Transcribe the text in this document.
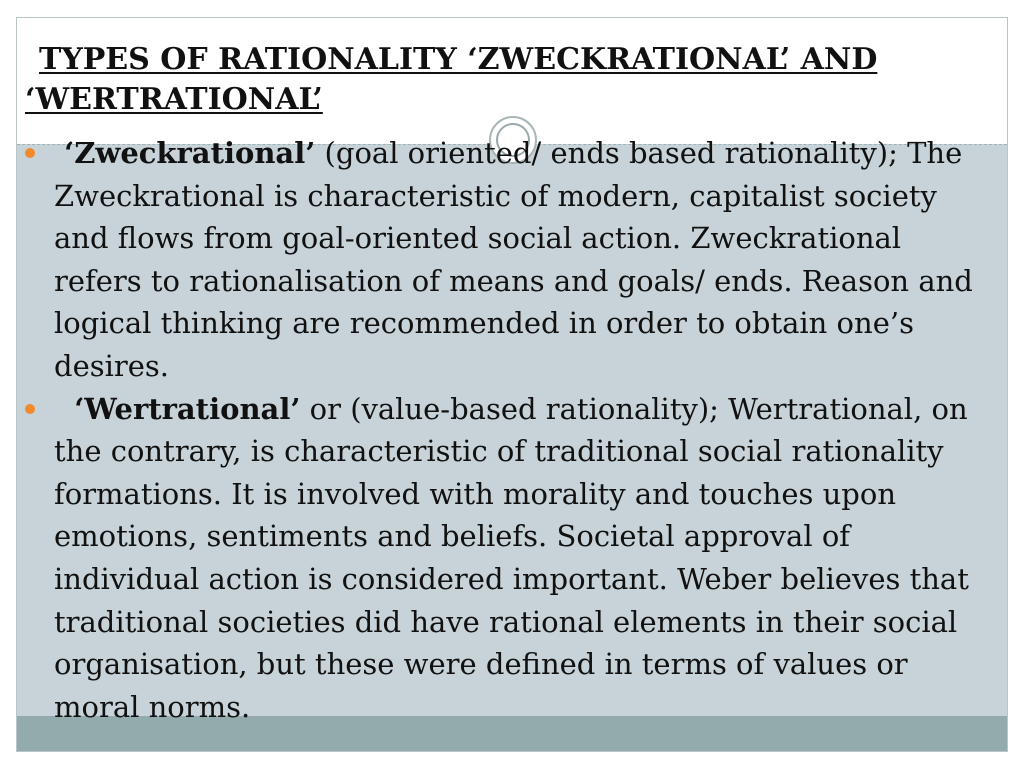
TYPES OF RATIONALITY ‘ZWECKRATIONAL’ AND ‘WERTRATIONAL’
‘Zweckrational’ (goal oriented/ ends based rationality); The Zweckrational is characteristic of modern, capitalist society and flows from goal-oriented social action. Zweckrational refers to rationalisation of means and goals/ ends. Reason and logical thinking are recommended in order to obtain one’s desires.
‘Wertrational’ or (value-based rationality); Wertrational, on the contrary, is characteristic of traditional social rationality formations. It is involved with morality and touches upon emotions, sentiments and beliefs. Societal approval of individual action is considered important. Weber believes that traditional societies did have rational elements in their social organisation, but these were defined in terms of values or moral norms.
